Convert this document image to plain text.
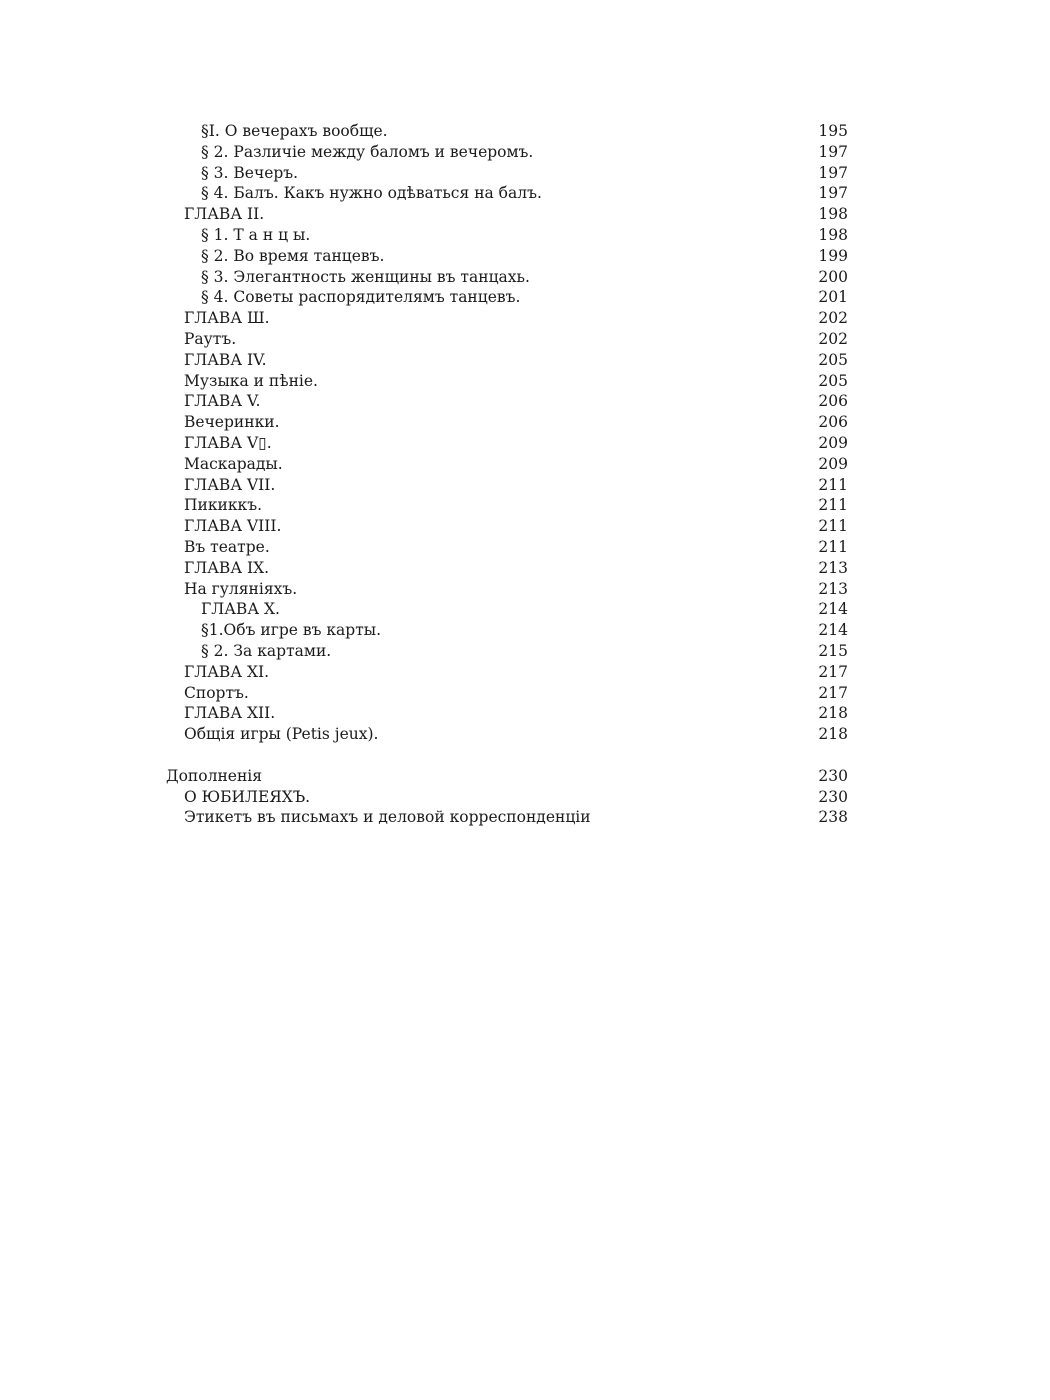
§I. О вечерахъ вообще.	195
§ 2. Различіе между баломъ и вечеромъ.	197
§ 3. Вечеръ.	197
§ 4. Балъ. Какъ нужно одѣваться на балъ.	197
ГЛАВА II.	198
§ 1. Т а н ц ы.	198
§ 2. Во время танцевъ.	199
§ 3. Элегантность женщины въ танцахь.	200
§ 4. Советы распорядителямъ танцевъ.	201
ГЛАВА Ш.	202
Раутъ.	202
ГЛАВА IV.	205
Музыка и пѣніе.	205
ГЛАВА V.	206
Вечеринки.	206
ГЛАВА V▯.	209
Маскарады.	209
ГЛАВА VII.	211
Пикиккъ.	211
ГЛАВА VIII.	211
Въ театре.	211
ГЛАВА IX.	213
На гуляніяхъ.	213
ГЛАВА X.	214
§1.Объ игре въ карты.	214
§ 2. За картами.	215
ГЛАВА XI.	217
Спортъ.	217
ГЛАВА XII.	218
Общія игры (Petis jeux).	218
Дополненія	230
О ЮБИЛЕЯХЪ.	230
Этикетъ въ письмахъ и деловой корреспонденціи	238
